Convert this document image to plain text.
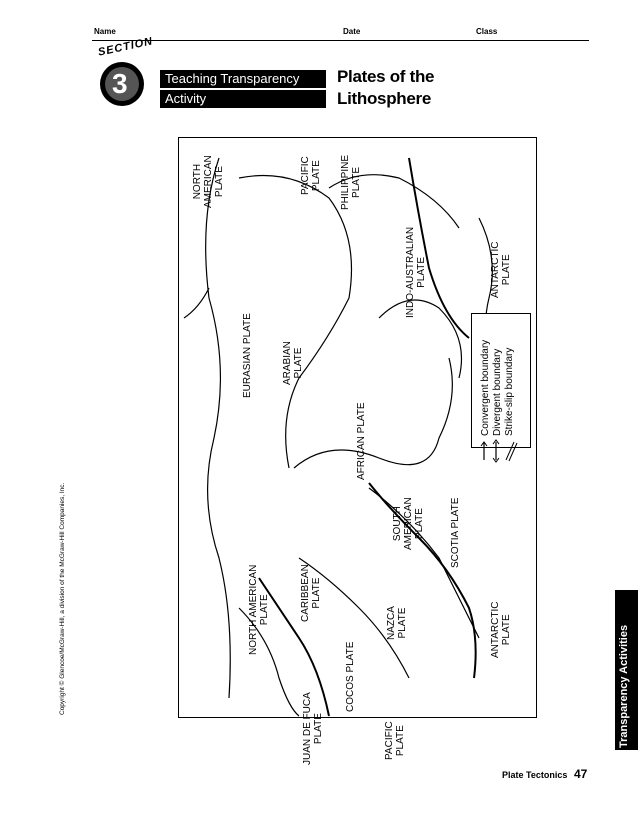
Name	Date	Class
SECTION
3	Teaching Transparency
Activity
Plates of the
Lithosphere
Copyright © Glencoe/McGraw-Hill, a division of the McGraw-Hill Companies, Inc.
NORTH AMERICAN PLATE	PACIFIC PLATE PHILIPPINE PLATE
INDO-AUSTRALIAN PLATE	ANTARCTIC PLATE
EURASIAN PLATE	ARABIAN PLATE
AFRICAN PLATE
SOUTH AMERICAN PLATE	SCOTIA PLATE
NORTH AMERICAN PLATE	CARIBBEAN PLATE
NAZCA PLATE	ANTARCTIC PLATE
JUAN DE FUCA PLATE
COCOS PLATE
PACIFIC PLATE
Convergent boundary Divergent boundary Strike-slip boundary
Transparency Activities
Plate Tectonics 47
